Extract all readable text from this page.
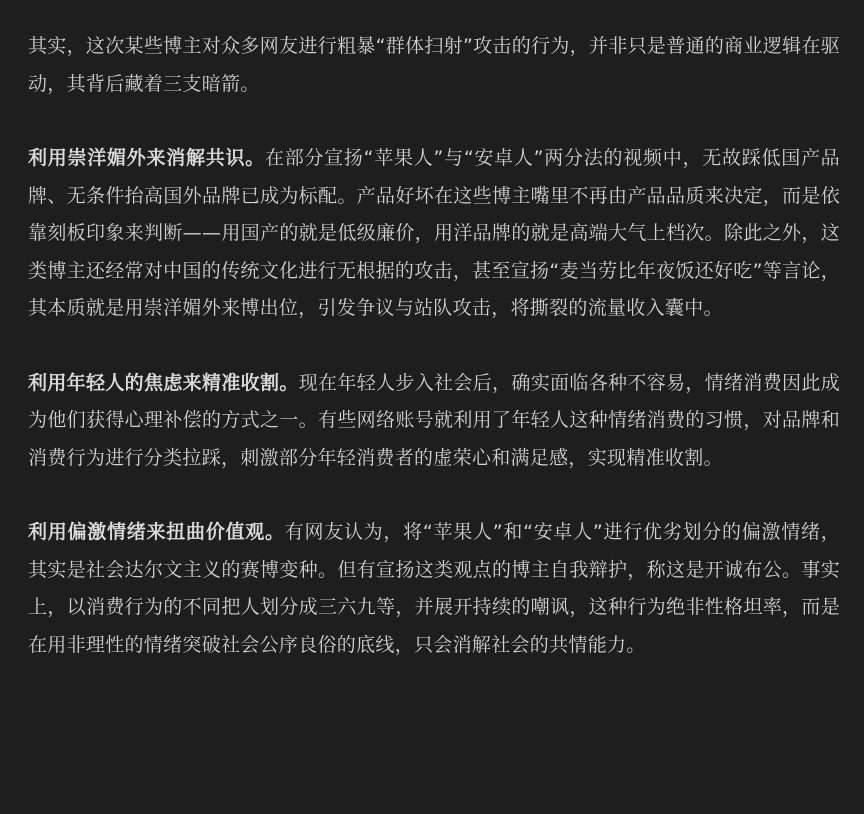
其实，这次某些博主对众多网友进行粗暴“群体扫射”攻击的行为，并非只是普通的商业逻辑在驱动，其背后藏着三支暗箭。

利用崇洋媚外来消解共识。在部分宣扬“苹果人”与“安卓人”两分法的视频中，无故踩低国产品牌、无条件抬高国外品牌已成为标配。产品好坏在这些博主嘴里不再由产品品质来决定，而是依靠刻板印象来判断——用国产的就是低级廉价，用洋品牌的就是高端大气上档次。除此之外，这类博主还经常对中国的传统文化进行无根据的攻击，甚至宣扬“麦当劳比年夜饭还好吃”等言论，其本质就是用崇洋媚外来博出位，引发争议与站队攻击，将撕裂的流量收入囊中。

利用年轻人的焦虑来精准收割。现在年轻人步入社会后，确实面临各种不容易，情绪消费因此成为他们获得心理补偿的方式之一。有些网络账号就利用了年轻人这种情绪消费的习惯，对品牌和消费行为进行分类拉踩，刺激部分年轻消费者的虚荣心和满足感，实现精准收割。

利用偏激情绪来扭曲价值观。有网友认为，将“苹果人”和“安卓人”进行优劣划分的偏激情绪，其实是社会达尔文主义的赛博变种。但有宣扬这类观点的博主自我辩护，称这是开诚布公。事实上，以消费行为的不同把人划分成三六九等，并展开持续的嘲讽，这种行为绝非性格坦率，而是在用非理性的情绪突破社会公序良俗的底线，只会消解社会的共情能力。
